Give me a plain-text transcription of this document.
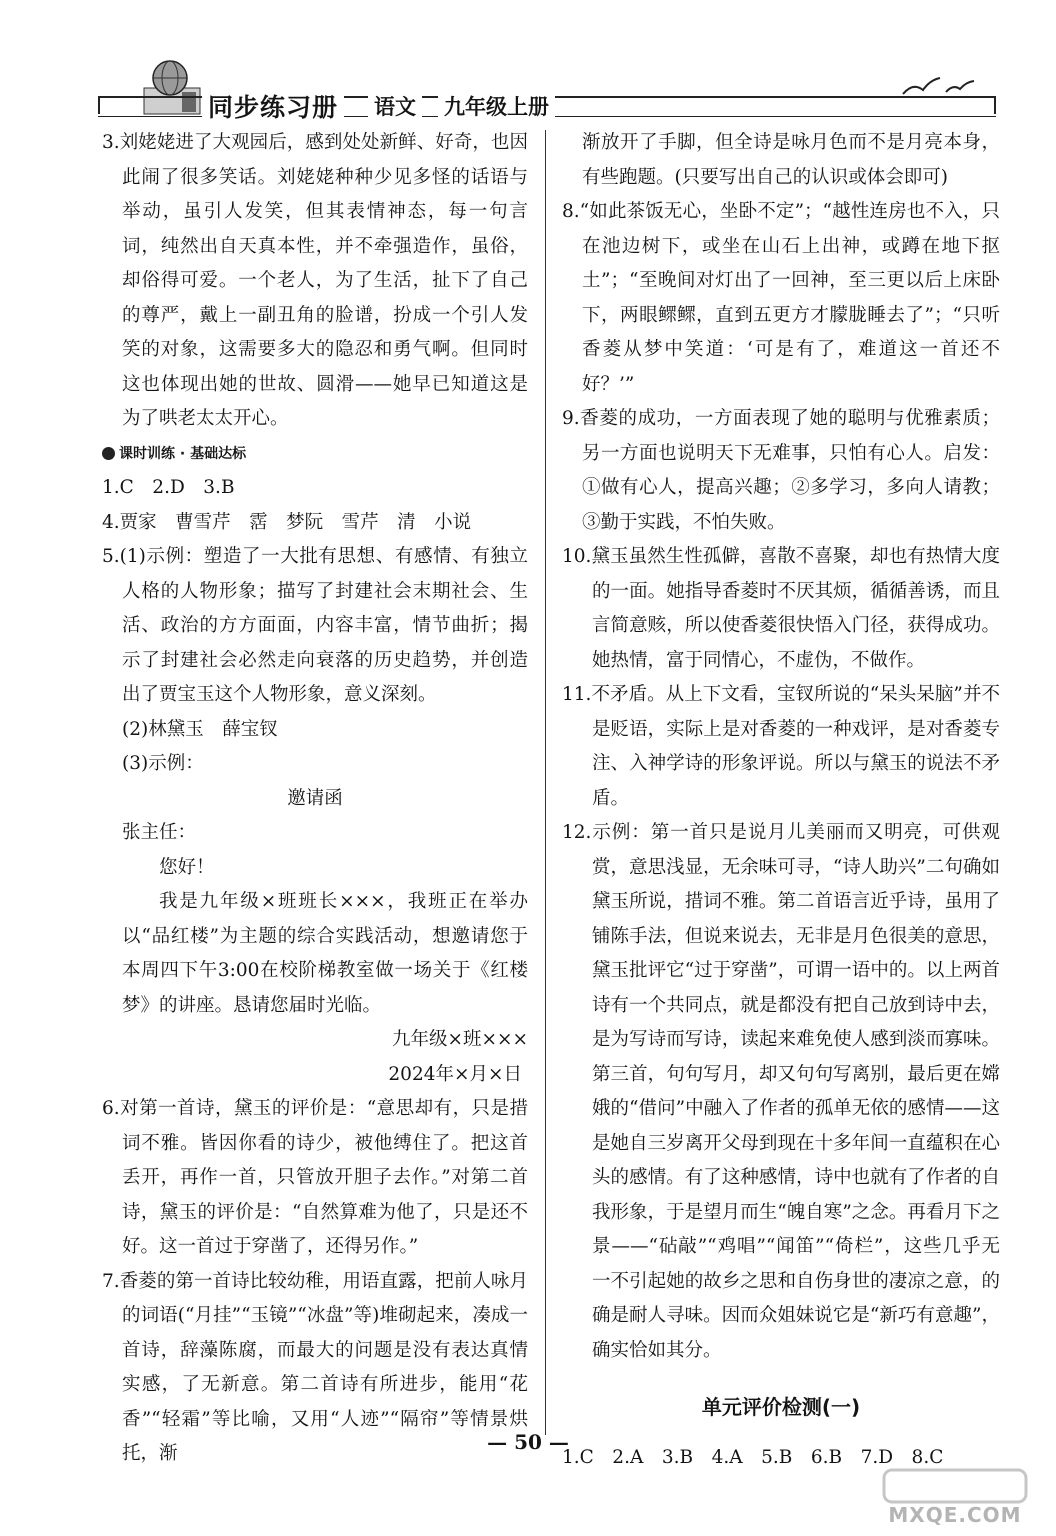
同步练习册 语文 九年级上册

3.刘姥姥进了大观园后，感到处处新鲜、好奇，也因此闹了很多笑话。刘姥姥种种少见多怪的话语与举动，虽引人发笑，但其表情神态，每一句言词，纯然出自天真本性，并不牵强造作，虽俗，却俗得可爱。一个老人，为了生活，扯下了自己的尊严，戴上一副丑角的脸谱，扮成一个引人发笑的对象，这需要多大的隐忍和勇气啊。但同时这也体现出她的世故、圆滑——她早已知道这是为了哄老太太开心。

课时训练 · 基础达标

1.C　2.D　3.B

4.贾家　曹雪芹　霑　梦阮　雪芹　清　小说

5.(1)示例：塑造了一大批有思想、有感情、有独立人格的人物形象；描写了封建社会末期社会、生活、政治的方方面面，内容丰富，情节曲折；揭示了封建社会必然走向衰落的历史趋势，并创造出了贾宝玉这个人物形象，意义深刻。

(2)林黛玉　薛宝钗

(3)示例：

邀请函

张主任：

您好！

我是九年级×班班长×××，我班正在举办以“品红楼”为主题的综合实践活动，想邀请您于本周四下午3:00在校阶梯教室做一场关于《红楼梦》的讲座。恳请您届时光临。

九年级×班×××

2024年×月×日

6.对第一首诗，黛玉的评价是：“意思却有，只是措词不雅。皆因你看的诗少，被他缚住了。把这首丢开，再作一首，只管放开胆子去作。”对第二首诗，黛玉的评价是：“自然算难为他了，只是还不好。这一首过于穿凿了，还得另作。”

7.香菱的第一首诗比较幼稚，用语直露，把前人咏月的词语(“月挂”“玉镜”“冰盘”等)堆砌起来，凑成一首诗，辞藻陈腐，而最大的问题是没有表达真情实感，了无新意。第二首诗有所进步，能用“花香”“轻霜”等比喻，又用“人迹”“隔帘”等情景烘托，渐

渐放开了手脚，但全诗是咏月色而不是月亮本身，有些跑题。(只要写出自己的认识或体会即可)

8.“如此茶饭无心，坐卧不定”；“越性连房也不入，只在池边树下，或坐在山石上出神，或蹲在地下抠土”；“至晚间对灯出了一回神，至三更以后上床卧下，两眼鳏鳏，直到五更方才朦胧睡去了”；“只听香菱从梦中笑道：‘可是有了，难道这一首还不好？’”

9.香菱的成功，一方面表现了她的聪明与优雅素质；另一方面也说明天下无难事，只怕有心人。启发：①做有心人，提高兴趣；②多学习，多向人请教；③勤于实践，不怕失败。

10.黛玉虽然生性孤僻，喜散不喜聚，却也有热情大度的一面。她指导香菱时不厌其烦，循循善诱，而且言简意赅，所以使香菱很快悟入门径，获得成功。她热情，富于同情心，不虚伪，不做作。

11.不矛盾。从上下文看，宝钗所说的“呆头呆脑”并不是贬语，实际上是对香菱的一种戏评，是对香菱专注、入神学诗的形象评说。所以与黛玉的说法不矛盾。

12.示例：第一首只是说月儿美丽而又明亮，可供观赏，意思浅显，无余味可寻，“诗人助兴”二句确如黛玉所说，措词不雅。第二首语言近乎诗，虽用了铺陈手法，但说来说去，无非是月色很美的意思，黛玉批评它“过于穿凿”，可谓一语中的。以上两首诗有一个共同点，就是都没有把自己放到诗中去，是为写诗而写诗，读起来难免使人感到淡而寡味。第三首，句句写月，却又句句写离别，最后更在嫦娥的“借问”中融入了作者的孤单无依的感情——这是她自三岁离开父母到现在十多年间一直蕴积在心头的感情。有了这种感情，诗中也就有了作者的自我形象，于是望月而生“魄自寒”之念。再看月下之景——“砧敲”“鸡唱”“闻笛”“倚栏”，这些几乎无一不引起她的故乡之思和自伤身世的凄凉之意，的确是耐人寻味。因而众姐妹说它是“新巧有意趣”，确实恰如其分。

单元评价检测(一)

1.C　2.A　3.B　4.A　5.B　6.B　7.D　8.C

— 50 —
MXQE.COM
